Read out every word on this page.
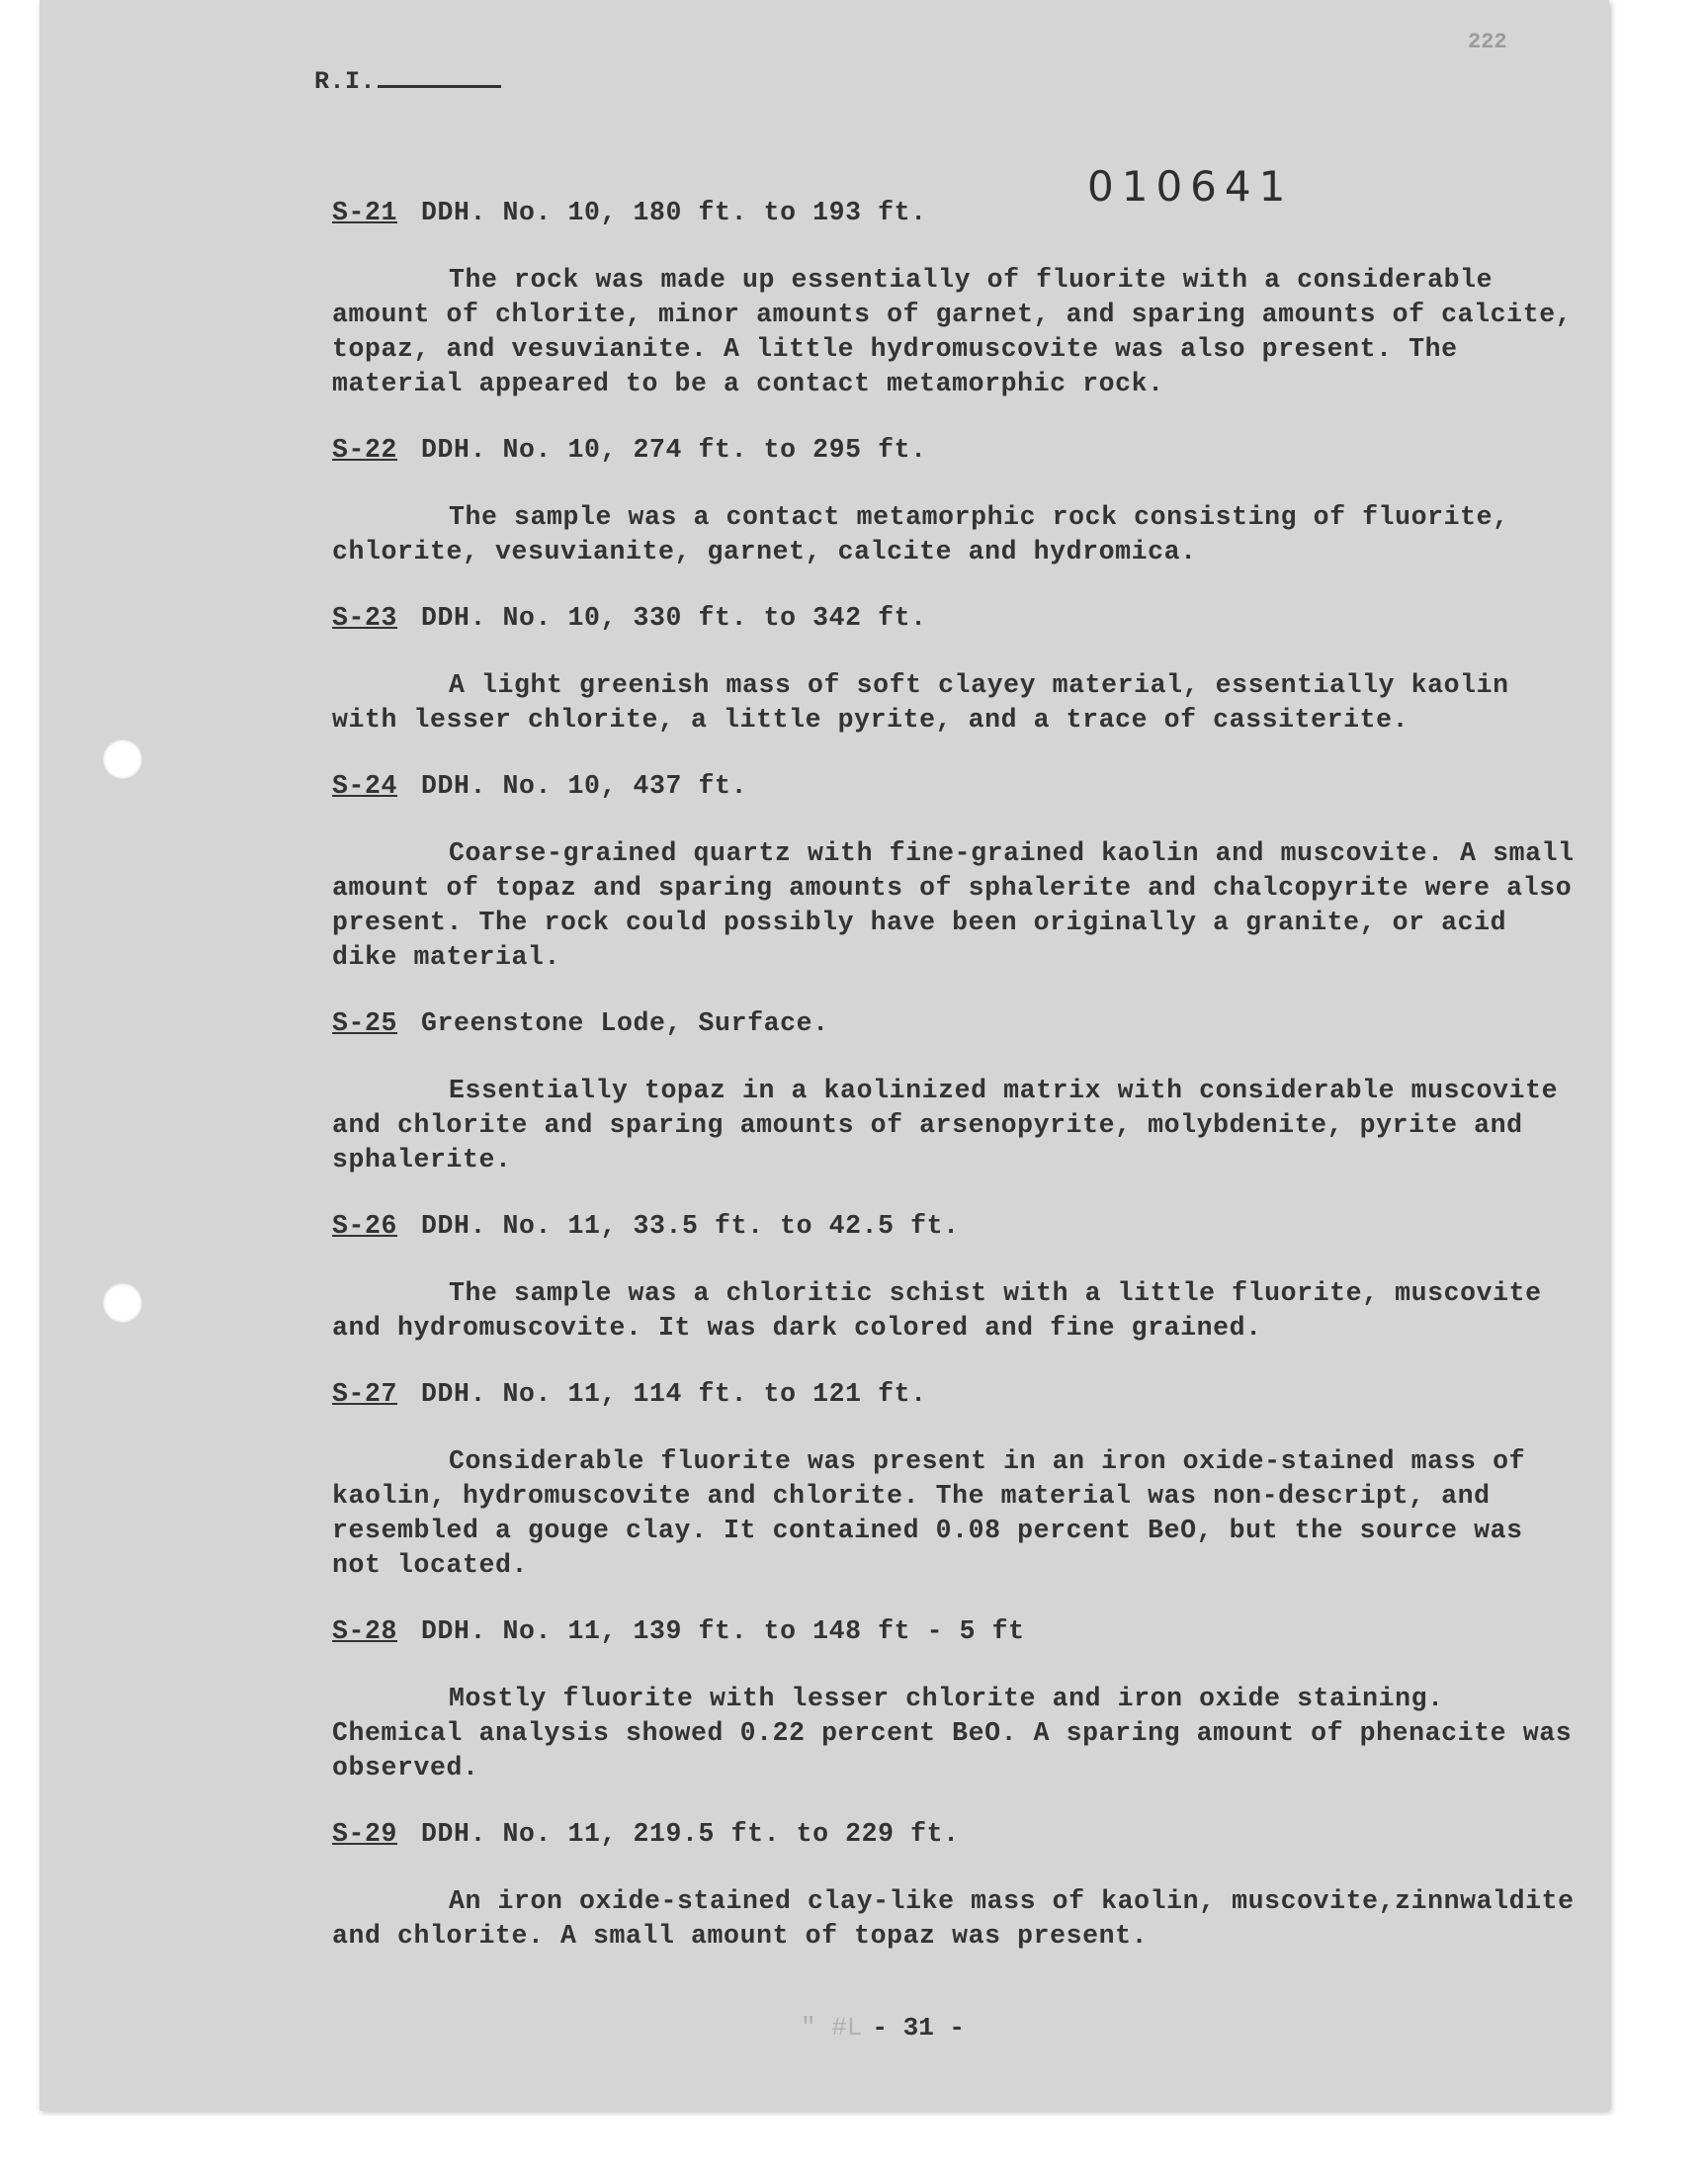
222
R.I.
010641
S-21 DDH. No. 10, 180 ft. to 193 ft.
The rock was made up essentially of fluorite with a considerable amount of chlorite, minor amounts of garnet, and sparing amounts of calcite, topaz, and vesuvianite. A little hydromuscovite was also present. The material appeared to be a contact metamorphic rock.
S-22 DDH. No. 10, 274 ft. to 295 ft.
The sample was a contact metamorphic rock consisting of fluorite, chlorite, vesuvianite, garnet, calcite and hydromica.
S-23 DDH. No. 10, 330 ft. to 342 ft.
A light greenish mass of soft clayey material, essentially kaolin with lesser chlorite, a little pyrite, and a trace of cassiterite.
S-24 DDH. No. 10, 437 ft.
Coarse-grained quartz with fine-grained kaolin and muscovite. A small amount of topaz and sparing amounts of sphalerite and chalcopyrite were also present. The rock could possibly have been originally a granite, or acid dike material.
S-25 Greenstone Lode, Surface.
Essentially topaz in a kaolinized matrix with considerable muscovite and chlorite and sparing amounts of arsenopyrite, molybdenite, pyrite and sphalerite.
S-26 DDH. No. 11, 33.5 ft. to 42.5 ft.
The sample was a chloritic schist with a little fluorite, muscovite and hydromuscovite. It was dark colored and fine grained.
S-27 DDH. No. 11, 114 ft. to 121 ft.
Considerable fluorite was present in an iron oxide-stained mass of kaolin, hydromuscovite and chlorite. The material was non-descript, and resembled a gouge clay. It contained 0.08 percent BeO, but the source was not located.
S-28 DDH. No. 11, 139 ft. to 148 ft - 5 ft
Mostly fluorite with lesser chlorite and iron oxide staining. Chemical analysis showed 0.22 percent BeO. A sparing amount of phenacite was observed.
S-29 DDH. No. 11, 219.5 ft. to 229 ft.
An iron oxide-stained clay-like mass of kaolin, muscovite,zinnwaldite and chlorite. A small amount of topaz was present.
" #L - 31 -
